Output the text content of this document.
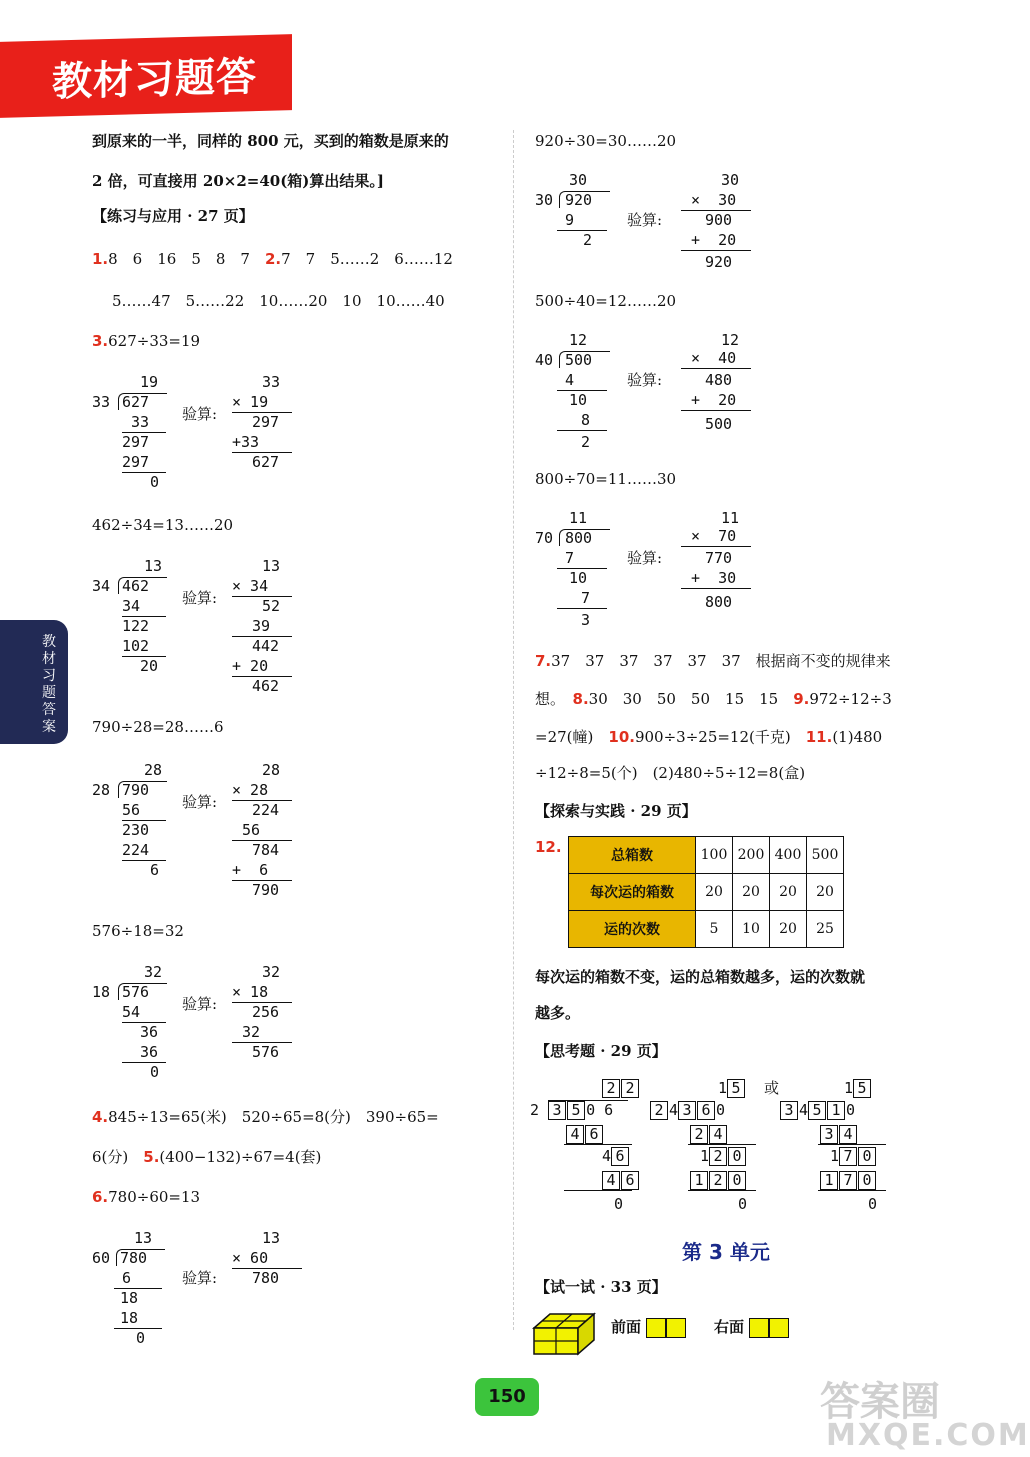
教材习题答案
教材习题答案
到原来的一半，同样的 800 元，买到的箱数是原来的
2 倍，可直接用 20×2=40(箱)算出结果。]
【练习与应用 · 27 页】
1.8　6　16　5　8　7　 2.7　7　5……2　6……12
5……47　5……22　10……20　10　10……40
3.627÷33=19
19
33 627
33
297
297
0
验算:
33
× 19
297
+33
627
462÷34=13……20
13
34 462
34
122
102
20
验算:
13
× 34
52
39
442
+ 20
462
790÷28=28……6
28
28 790
56
230
224
6
验算:
28
× 28
224
56
784
+  6
790
576÷18=32
32
18 576
54
36
36
0
验算:
32
× 18
256
32
576
4.845÷13=65(米)　520÷65=8(分)　390÷65=
6(分)　 5.(400−132)÷67=4(套)
6.780÷60=13
13
60 780
6
18
18
0
验算:
13
× 60
780
920÷30=30……20
30
30 920
9
2
验算:
30
×  30
900
+  20
920
500÷40=12……20
12
40 500
4
10
8
2
验算:
12
×  40
480
+  20
500
800÷70=11……30
11
70 800
7
10
7
3
验算:
11
×  70
770
+  30
800
7.37　37　37　37　37　37　根据商不变的规律来
想。　 8.30　30　50　50　15　15　 9.972÷12÷3
=27(幢)　 10.900÷3÷25=12(千克)　 11.(1)480
÷12÷8=5(个)　(2)480÷5÷12=8(盒)
【探索与实践 · 29 页】
12.	总箱数	100	200	400	500
每次运的箱数	20	20	20	20
运的次数	5	10	20	25
每次运的箱数不变，运的总箱数越多，运的次数就
越多。
【思考题 · 29 页】
2 2
2 3 5 0 6
4 6
4 6
4 6
0
1 5	或
2 4 3 6 0
2 4
1 2 0
1 2 0
0
1 5
3 4 5 1 0
3 4
1 7 0
1 7 0
0
第 3 单元
【试一试 · 33 页】
前面	右面
150	答案圈
MXQE.COM
